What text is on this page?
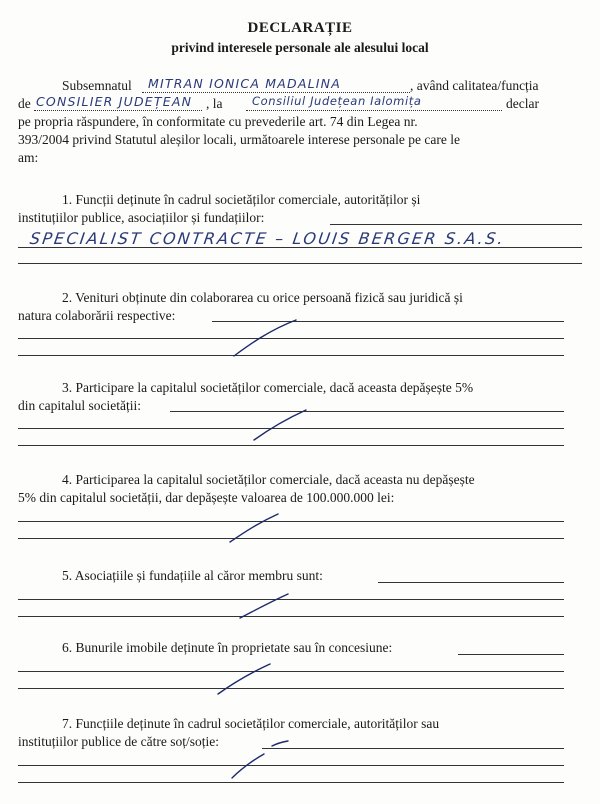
DECLARAȚIE
privind interesele personale ale alesului local

Subsemnatul MITRAN IONICA MADALINA	, având calitatea/funcția

de CONSILIER JUDEȚEAN , la	Consiliul Județean Ialomița	declar

pe propria răspundere, în conformitate cu prevederile art. 74 din Legea nr.

393/2004 privind Statutul aleșilor locali, următoarele interese personale pe care le

am:

1. Funcții deținute în cadrul societăților comerciale, autorităților și

instituțiilor publice, asociațiilor și fundațiilor:

SPECIALIST CONTRACTE – LOUIS BERGER S.A.S.

2. Venituri obținute din colaborarea cu orice persoană fizică sau juridică și

natura colaborării respective:

3. Participare la capitalul societăților comerciale, dacă aceasta depășește 5%

din capitalul societății:

4. Participarea la capitalul societăților comerciale, dacă aceasta nu depășește

5% din capitalul societății, dar depășește valoarea de 100.000.000 lei:

5. Asociațiile și fundațiile al căror membru sunt:

6. Bunurile imobile deținute în proprietate sau în concesiune:

7. Funcțiile deținute în cadrul societăților comerciale, autorităților sau

instituțiilor publice de către soț/soție:
